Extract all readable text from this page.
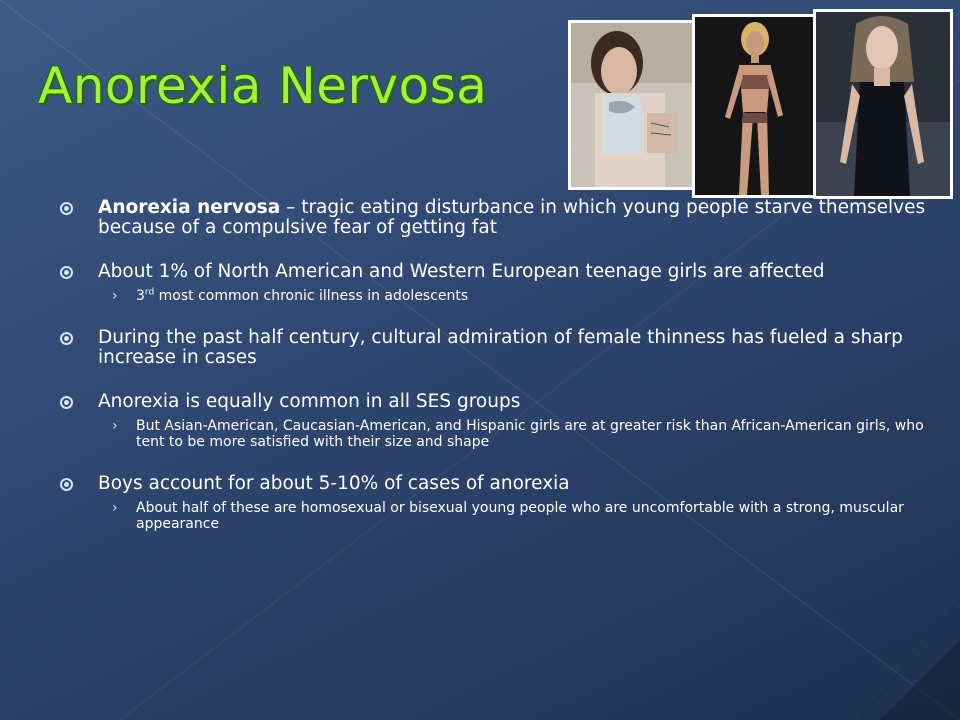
Anorexia Nervosa
Anorexia nervosa – tragic eating disturbance in which young people starve themselves because of a compulsive fear of getting fat
About 1% of North American and Western European teenage girls are affected
› 3rd most common chronic illness in adolescents
During the past half century, cultural admiration of female thinness has fueled a sharp increase in cases
Anorexia is equally common in all SES groups
› But Asian-American, Caucasian-American, and Hispanic girls are at greater risk than African-American girls, who tent to be more satisfied with their size and shape
Boys account for about 5-10% of cases of anorexia
› About half of these are homosexual or bisexual young people who are uncomfortable with a strong, muscular appearance
